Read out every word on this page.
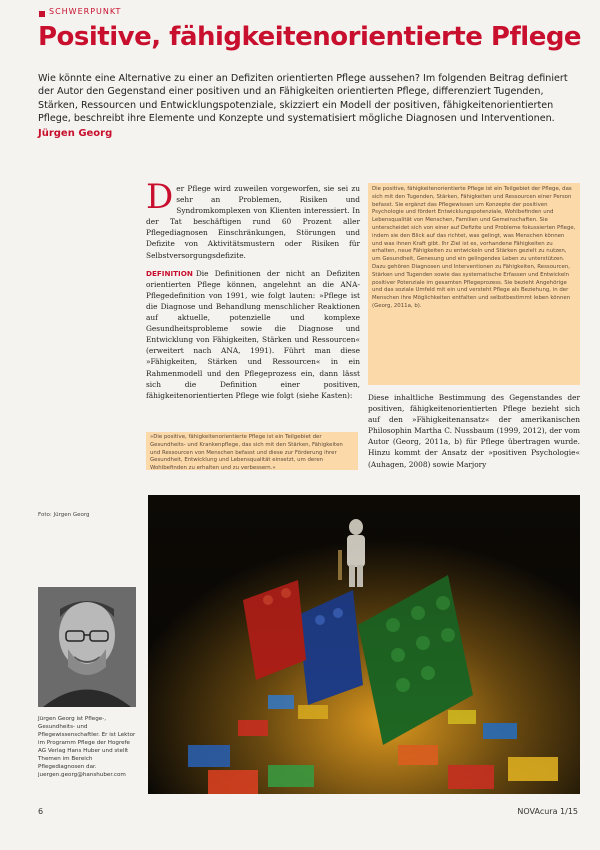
SCHWERPUNKT
Positive, fähigkeitenorientierte Pflege
Wie könnte eine Alternative zu einer an Defiziten orientierten Pflege aussehen? Im folgenden Beitrag definiert der Autor den Gegenstand einer positiven und an Fähigkeiten orientierten Pflege, differenziert Tugenden, Stärken, Ressourcen und Entwicklungspotenziale, skizziert ein Modell der positiven, fähigkeitenorientierten Pflege, beschreibt ihre Elemente und Konzepte und systematisiert mögliche Diagnosen und Interventionen.
Jürgen Georg
Der Pflege wird zuweilen vorgeworfen, sie sei zu sehr an Problemen, Risiken und Syndromkomplexen von Klienten interessiert. In der Tat beschäftigen rund 60 Prozent aller Pflegediagnosen Einschränkungen, Störungen und Defizite von Aktivitätsmustern oder Risiken für Selbstversorgungsdefizite.
DEFINITION Die Definitionen der nicht an Defiziten orientierten Pflege können, angelehnt an die ANA-Pflegedefinition von 1991, wie folgt lauten: »Pflege ist die Diagnose und Behandlung menschlicher Reaktionen auf aktuelle, potenzielle und komplexe Gesundheitsprobleme sowie die Diagnose und Entwicklung von Fähigkeiten, Stärken und Ressourcen« (erweitert nach ANA, 1991). Führt man diese »Fähigkeiten, Stärken und Ressourcen« in ein Rahmenmodell und den Pflegeprozess ein, dann lässt sich die Definition einer positiven, fähigkeitenorientierten Pflege wie folgt (siehe Kasten):
»Die positive, fähigkeitenorientierte Pflege ist ein Teilgebiet der Gesundheits- und Krankenpflege, das sich mit den Stärken, Fähigkeiten und Ressourcen von Menschen befasst und diese zur Förderung ihrer Gesundheit, Entwicklung und Lebensqualität einsetzt, um deren Wohlbefinden zu erhalten und zu verbessern.«
Die positive, fähigkeitenorientierte Pflege ist ein Teilgebiet der Pflege, das sich mit den Tugenden, Stärken, Fähigkeiten und Ressourcen einer Person befasst. Sie ergänzt das Pflegewissen um Konzepte der positiven Psychologie und fördert Entwicklungspotenziale, Wohlbefinden und Lebensqualität von Menschen, Familien und Gemeinschaften. Sie unterscheidet sich von einer auf Defizite und Probleme fokussierten Pflege, indem sie den Blick auf das richtet, was gelingt, was Menschen können und was ihnen Kraft gibt. Ihr Ziel ist es, vorhandene Fähigkeiten zu erhalten, neue Fähigkeiten zu entwickeln und Stärken gezielt zu nutzen, um Gesundheit, Genesung und ein gelingendes Leben zu unterstützen. Dazu gehören Diagnosen und Interventionen zu Fähigkeiten, Ressourcen, Stärken und Tugenden sowie das systematische Erfassen und Entwickeln positiver Potenziale im gesamten Pflegeprozess. Sie bezieht Angehörige und das soziale Umfeld mit ein und versteht Pflege als Beziehung, in der Menschen ihre Möglichkeiten entfalten und selbstbestimmt leben können (Georg, 2011a, b).
Diese inhaltliche Bestimmung des Gegenstandes der positiven, fähigkeitenorientierten Pflege bezieht sich auf den »Fähigkeitenansatz« der amerikanischen Philosophin Martha C. Nussbaum (1999, 2012), der vom Autor (Georg, 2011a, b) für Pflege übertragen wurde. Hinzu kommt der Ansatz der »positiven Psychologie« (Auhagen, 2008) sowie Marjory
Foto: Jürgen Georg
Jürgen Georg ist Pflege-, Gesundheits- und Pflegewissenschaftler. Er ist Lektor im Programm Pflege der Hogrefe AG Verlag Hans Huber und stellt Themen im Bereich Pflegediagnosen dar. juergen.georg@hanshuber.com
6	NOVAcura 1/15
